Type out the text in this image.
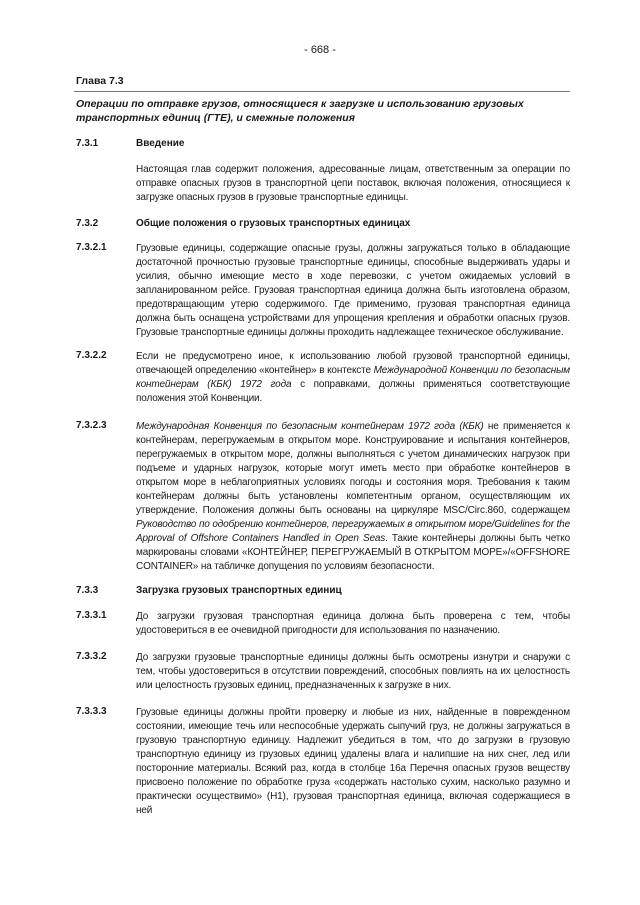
- 668 -
Глава 7.3
Операции по отправке грузов, относящиеся к загрузке и использованию грузовых транспортных единиц (ГТЕ), и смежные положения
7.3.1	Введение

Настоящая глав содержит положения, адресованные лицам, ответственным за операции по отправке опасных грузов в транспортной цепи поставок, включая положения, относящиеся к загрузке опасных грузов в грузовые транспортные единицы.

7.3.2	Общие положения о грузовых транспортных единицах
7.3.2.1	Грузовые единицы, содержащие опасные грузы, должны загружаться только в обладающие достаточной прочностью грузовые транспортные единицы, способные выдерживать удары и усилия, обычно имеющие место в ходе перевозки, с учетом ожидаемых условий в запланированном рейсе. Грузовая транспортная единица должна быть изготовлена образом, предотвращающим утерю содержимого. Где применимо, грузовая транспортная единица должна быть оснащена устройствами для упрощения крепления и обработки опасных грузов. Грузовые транспортные единицы должны проходить надлежащее техническое обслуживание.

7.3.2.2	Если не предусмотрено иное, к использованию любой грузовой транспортной единицы, отвечающей определению «контейнер» в контексте Международной Конвенции по безопасным контейнерам (КБК) 1972 года с поправками, должны применяться соответствующие положения этой Конвенции.

7.3.2.3	Международная Конвенция по безопасным контейнерам 1972 года (КБК) не применяется к контейнерам, перегружаемым в открытом море. Конструирование и испытания контейнеров, перегружаемых в открытом море, должны выполняться с учетом динамических нагрузок при подъеме и ударных нагрузок, которые могут иметь место при обработке контейнеров в открытом море в неблагоприятных условиях погоды и состояния моря. Требования к таким контейнерам должны быть установлены компетентным органом, осуществляющим их утверждение. Положения должны быть основаны на циркуляре MSC/Circ.860, содержащем Руководство по одобрению контейнеров, перегружаемых в открытом море/Guidelines for the Approval of Offshore Containers Handled in Open Seas. Такие контейнеры должны быть четко маркированы словами «КОНТЕЙНЕР, ПЕРЕГРУЖАЕМЫЙ В ОТКРЫТОМ МОРЕ»/«OFFSHORE CONTAINER» на табличке допущения по условиям безопасности.

7.3.3	Загрузка грузовых транспортных единиц
7.3.3.1	До загрузки грузовая транспортная единица должна быть проверена с тем, чтобы удостовериться в ее очевидной пригодности для использования по назначению.

7.3.3.2	До загрузки грузовые транспортные единицы должны быть осмотрены изнутри и снаружи с тем, чтобы удостовериться в отсутствии повреждений, способных повлиять на их целостность или целостность грузовых единиц, предназначенных к загрузке в них.

7.3.3.3	Грузовые единицы должны пройти проверку и любые из них, найденные в поврежденном состоянии, имеющие течь или неспособные удержать сыпучий груз, не должны загружаться в грузовую транспортную единицу. Надлежит убедиться в том, что до загрузки в грузовую транспортную единицу из грузовых единиц удалены влага и налипшие на них снег, лед или посторонние материалы. Всякий раз, когда в столбце 16а Перечня опасных грузов веществу присвоено положение по обработке груза «содержать настолько сухим, насколько разумно и практически осуществимо» (H1), грузовая транспортная единица, включая содержащиеся в ней
